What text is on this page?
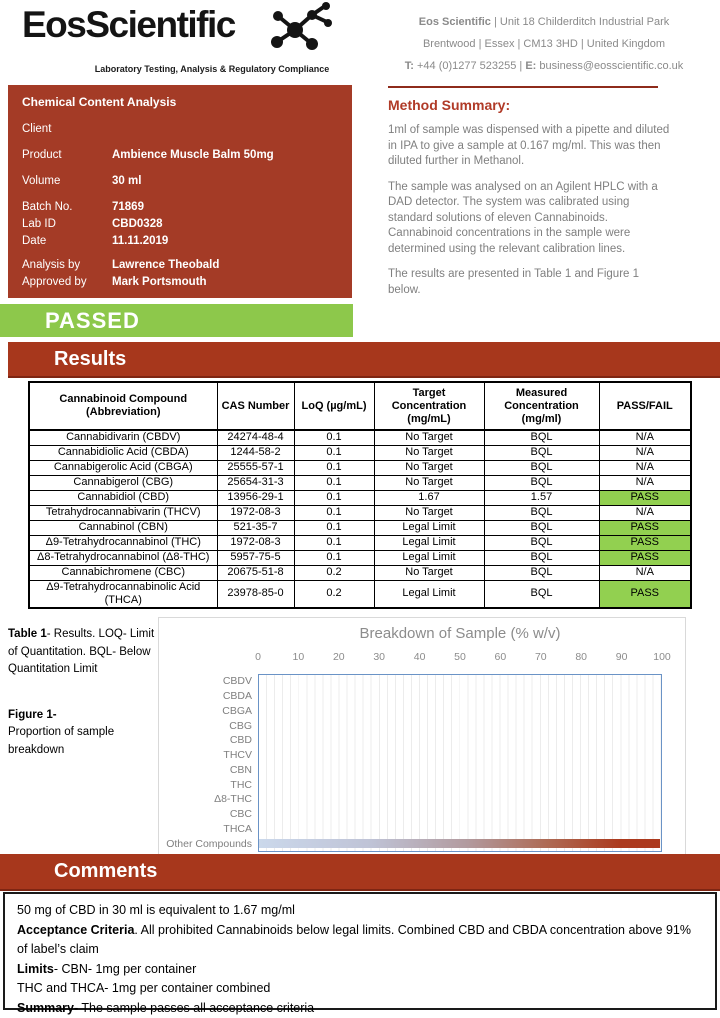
EosScientific
Laboratory Testing, Analysis & Regulatory Compliance
Eos Scientific | Unit 18 Childerditch Industrial Park
Brentwood | Essex | CM13 3HD | United Kingdom
T: +44 (0)1277 523255 | E: business@eosscientific.co.uk
Chemical Content Analysis
Client
Product	Ambience Muscle Balm 50mg
Volume	30 ml
Batch No.	71869
Lab ID	CBD0328
Date	11.11.2019
Analysis by	Lawrence Theobald
Approved by	Mark Portsmouth
Method Summary:

1ml of sample was dispensed with a pipette and diluted in IPA to give a sample at 0.167 mg/ml. This was then diluted further in Methanol.

The sample was analysed on an Agilent HPLC with a DAD detector. The system was calibrated using standard solutions of eleven Cannabinoids. Cannabinoid concentrations in the sample were determined using the relevant calibration lines.

The results are presented in Table 1 and Figure 1 below.

PASSED
Results
Cannabinoid Compound
(Abbreviation)	CAS Number	LoQ (µg/mL)	Target
Concentration
(mg/mL)	Measured
Concentration
(mg/ml)	PASS/FAIL
Cannabidivarin (CBDV)	24274-48-4	0.1	No Target	BQL	N/A
Cannabidiolic Acid (CBDA)	1244-58-2	0.1	No Target	BQL	N/A
Cannabigerolic Acid (CBGA)	25555-57-1	0.1	No Target	BQL	N/A
Cannabigerol (CBG)	25654-31-3	0.1	No Target	BQL	N/A
Cannabidiol (CBD)	13956-29-1	0.1	1.67	1.57	PASS
Tetrahydrocannabivarin (THCV)	1972-08-3	0.1	No Target	BQL	N/A
Cannabinol (CBN)	521-35-7	0.1	Legal Limit	BQL	PASS
Δ9-Tetrahydrocannabinol (THC)	1972-08-3	0.1	Legal Limit	BQL	PASS
Δ8-Tetrahydrocannabinol (Δ8-THC)	5957-75-5	0.1	Legal Limit	BQL	PASS
Cannabichromene (CBC)	20675-51-8	0.2	No Target	BQL	N/A
Δ9-Tetrahydrocannabinolic Acid (THCA)	23978-85-0	0.2	Legal Limit	BQL	PASS
Table 1- Results. LOQ- Limit of Quantitation. BQL- Below Quantitation Limit
Figure 1-
Proportion of sample breakdown
Breakdown of Sample (% w/v)
0	10	20	30	40	50	60	70	80	90 100
CBDV
CBDA
CBGA
CBG
CBD
THCV
CBN
THC
Δ8-THC
CBC
THCA
Other Compounds
Comments
50 mg of CBD in 30 ml is equivalent to 1.67 mg/ml
Acceptance Criteria. All prohibited Cannabinoids below legal limits. Combined CBD and CBDA concentration above 91% of label’s claim
Limits- CBN- 1mg per container
THC and THCA- 1mg per container combined
Summary- The sample passes all acceptance criteria
